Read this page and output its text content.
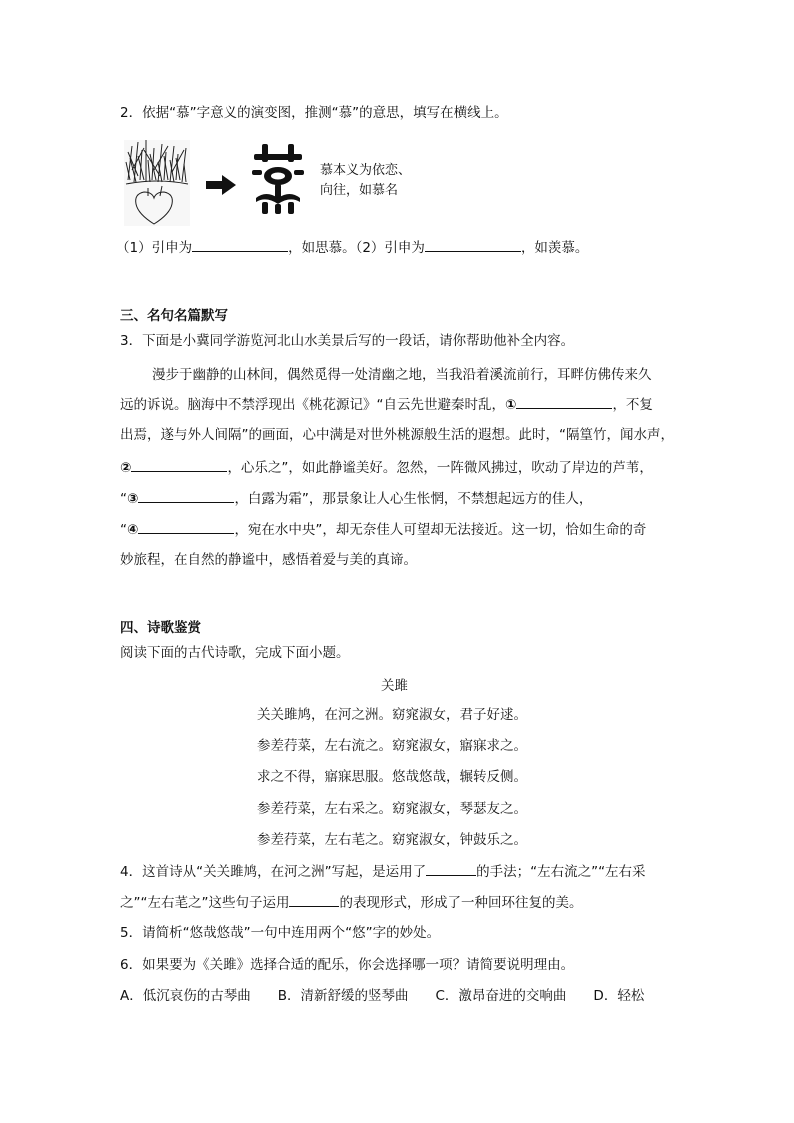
2．依据“慕”字意义的演变图，推测“慕”的意思，填写在横线上。
慕本义为依恋、
向往，如慕名
（1）引申为	，如思慕。（2）引申为	，如羡慕。
三、名句名篇默写
3．下面是小冀同学游览河北山水美景后写的一段话，请你帮助他补全内容。
漫步于幽静的山林间，偶然觅得一处清幽之地，当我沿着溪流前行，耳畔仿佛传来久
远的诉说。脑海中不禁浮现出《桃花源记》“自云先世避秦时乱，①	，不复
出焉，遂与外人间隔”的画面，心中满是对世外桃源般生活的遐想。此时，“隔篁竹，闻水声，
②	，心乐之”，如此静谧美好。忽然，一阵微风拂过，吹动了岸边的芦苇，
“③	，白露为霜”，那景象让人心生怅惘，不禁想起远方的佳人，
“④	，宛在水中央”，却无奈佳人可望却无法接近。这一切，恰如生命的奇
妙旅程，在自然的静谧中，感悟着爱与美的真谛。
四、诗歌鉴赏
阅读下面的古代诗歌，完成下面小题。
关雎
关关雎鸠，在河之洲。窈窕淑女，君子好逑。
参差荇菜，左右流之。窈窕淑女，寤寐求之。
求之不得，寤寐思服。悠哉悠哉，辗转反侧。
参差荇菜，左右采之。窈窕淑女，琴瑟友之。
参差荇菜，左右芼之。窈窕淑女，钟鼓乐之。
4．这首诗从“关关雎鸠，在河之洲”写起，是运用了	的手法；“左右流之”“左右采
之”“左右芼之”这些句子运用	的表现形式，形成了一种回环往复的美。
5．请简析“悠哉悠哉”一句中连用两个“悠”字的妙处。
6．如果要为《关雎》选择合适的配乐，你会选择哪一项？请简要说明理由。
A．低沉哀伤的古琴曲　　B．清新舒缓的竖琴曲　　C．激昂奋进的交响曲　　D．轻松
